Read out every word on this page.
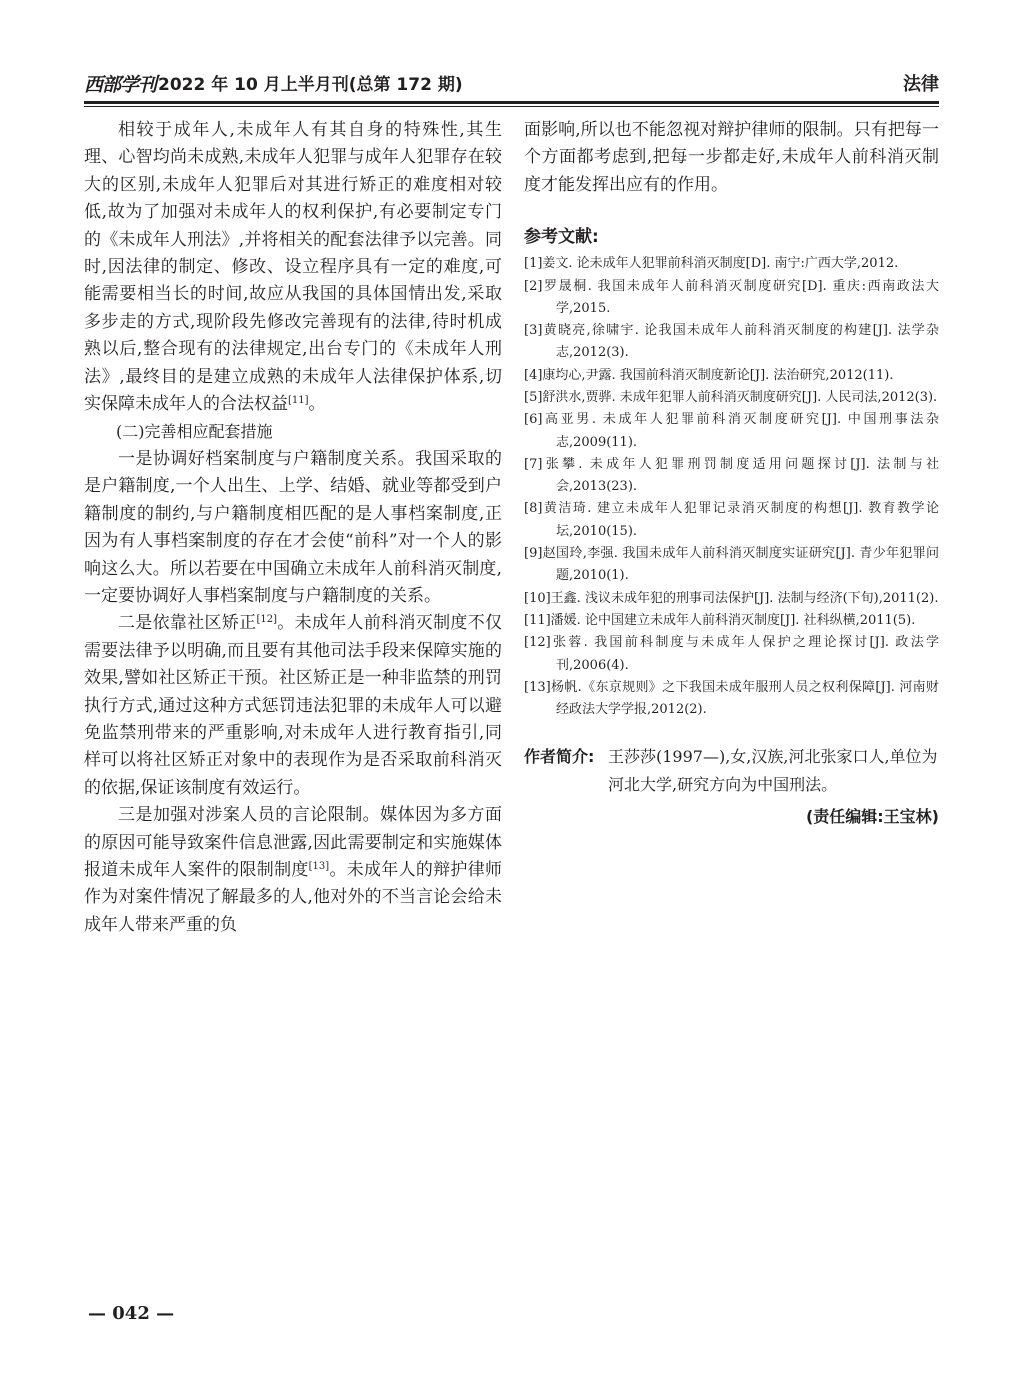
西部学刊 2022 年 10 月上半月刊(总第 172 期)	法律

相较于成年人,未成年人有其自身的特殊性,其生理、心智均尚未成熟,未成年人犯罪与成年人犯罪存在较大的区别,未成年人犯罪后对其进行矫正的难度相对较低,故为了加强对未成年人的权利保护,有必要制定专门的《未成年人刑法》,并将相关的配套法律予以完善。同时,因法律的制定、修改、设立程序具有一定的难度,可能需要相当长的时间,故应从我国的具体国情出发,采取多步走的方式,现阶段先修改完善现有的法律,待时机成熟以后,整合现有的法律规定,出台专门的《未成年人刑法》,最终目的是建立成熟的未成年人法律保护体系,切实保障未成年人的合法权益[11]。

(二)完善相应配套措施

一是协调好档案制度与户籍制度关系。我国采取的是户籍制度,一个人出生、上学、结婚、就业等都受到户籍制度的制约,与户籍制度相匹配的是人事档案制度,正因为有人事档案制度的存在才会使“前科”对一个人的影响这么大。所以若要在中国确立未成年人前科消灭制度,一定要协调好人事档案制度与户籍制度的关系。

二是依靠社区矫正[12]。未成年人前科消灭制度不仅需要法律予以明确,而且要有其他司法手段来保障实施的效果,譬如社区矫正干预。社区矫正是一种非监禁的刑罚执行方式,通过这种方式惩罚违法犯罪的未成年人可以避免监禁刑带来的严重影响,对未成年人进行教育指引,同样可以将社区矫正对象中的表现作为是否采取前科消灭的依据,保证该制度有效运行。

三是加强对涉案人员的言论限制。媒体因为多方面的原因可能导致案件信息泄露,因此需要制定和实施媒体报道未成年人案件的限制制度[13]。未成年人的辩护律师作为对案件情况了解最多的人,他对外的不当言论会给未成年人带来严重的负

面影响,所以也不能忽视对辩护律师的限制。只有把每一个方面都考虑到,把每一步都走好,未成年人前科消灭制度才能发挥出应有的作用。

参考文献:
[1]姜文. 论未成年人犯罪前科消灭制度[D]. 南宁:广西大学,2012.
[2]罗晟桐. 我国未成年人前科消灭制度研究[D]. 重庆:西南政法大学,2015.
[3]黄晓亮,徐啸宇. 论我国未成年人前科消灭制度的构建[J]. 法学杂志,2012(3).
[4]康均心,尹露. 我国前科消灭制度新论[J]. 法治研究,2012(11).
[5]舒洪水,贾骅. 未成年犯罪人前科消灭制度研究[J]. 人民司法,2012(3).
[6]高亚男. 未成年人犯罪前科消灭制度研究[J]. 中国刑事法杂志,2009(11).
[7]张攀. 未成年人犯罪刑罚制度适用问题探讨[J]. 法制与社会,2013(23).
[8]黄洁琦. 建立未成年人犯罪记录消灭制度的构想[J]. 教育教学论坛,2010(15).
[9]赵国玲,李强. 我国未成年人前科消灭制度实证研究[J]. 青少年犯罪问题,2010(1).
[10]王鑫. 浅议未成年犯的刑事司法保护[J]. 法制与经济(下旬),2011(2).
[11]潘媛. 论中国建立未成年人前科消灭制度[J]. 社科纵横,2011(5).
[12]张蓉. 我国前科制度与未成年人保护之理论探讨[J]. 政法学刊,2006(4).
[13]杨帆.《东京规则》之下我国未成年服刑人员之权利保障[J]. 河南财经政法大学学报,2012(2).
作者简介: 王莎莎(1997—),女,汉族,河北张家口人,单位为河北大学,研究方向为中国刑法。
(责任编辑:王宝林)
— 042 —
